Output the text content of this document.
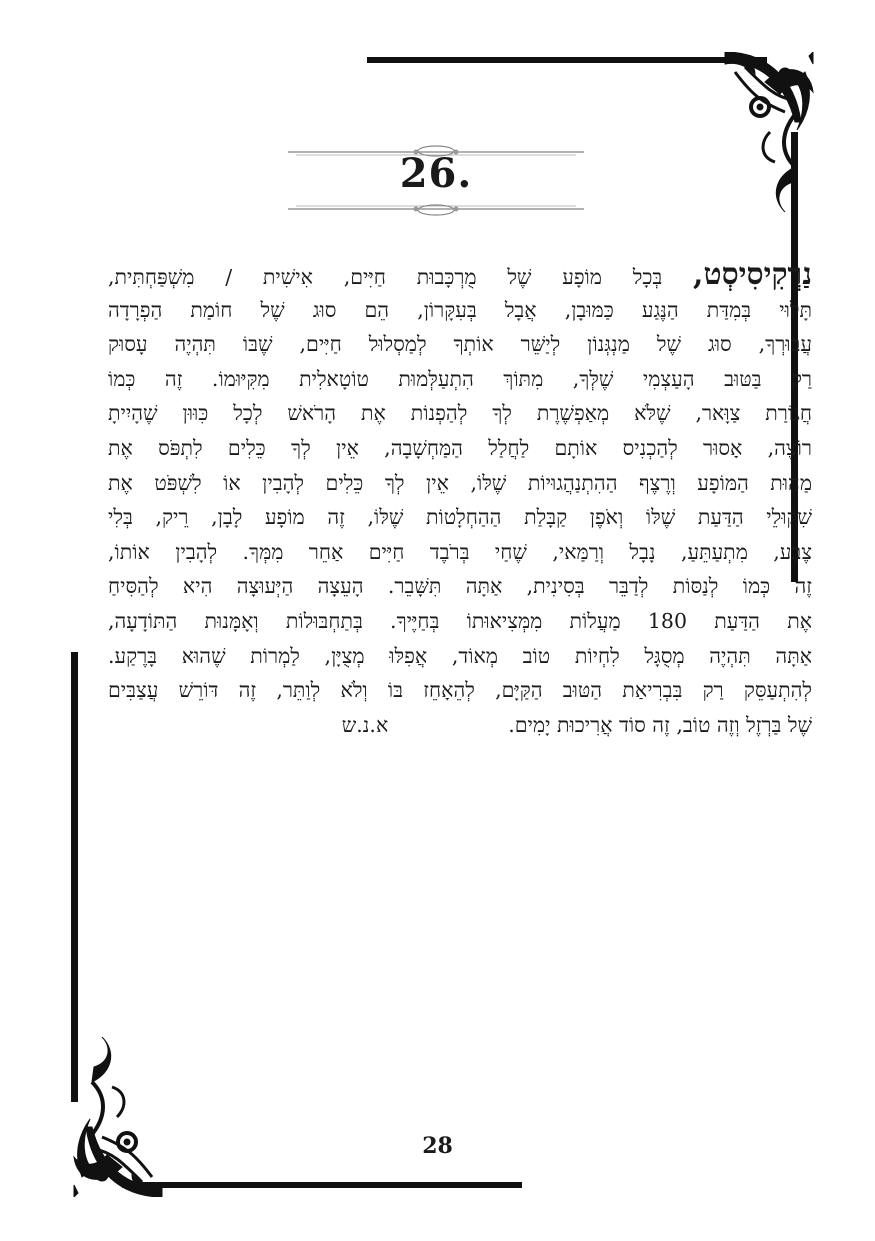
26.
נַרְקִיסִיסְט, בְּכָל מוֹפָע שֶׁל מֻרְכָּבוּת חַיִּים, אִישִׁית / מִשְׁפַּחְתִּית,
תָּלוּי בְּמִדַּת הַנֶּגַע כַּמּוּבָן, אֲבָל בְּעִקָּרוֹן, הֵם סוּג שֶׁל חוֹמַת הַפְרָדָה
עֲבוּרְךָ, סוּג שֶׁל מַנְגְּנוֹן לְיַשֵּׁר אוֹתְךָ לְמַסְלוּל חַיִּים, שֶׁבּוֹ תִּהְיֶה עָסוּק
רַק בַּטּוּב הָעַצְמִי שֶׁלְּךָ, מִתּוֹךְ הִתְעַלְּמוּת טוֹטָאלִית מִקִּיּוּמוֹ. זֶה כְּמוֹ
חֲגוֹרַת צַוָּאר, שֶׁלֹּא מְאַפְשֶׁרֶת לְךָ לְהַפְנוֹת אֶת הָרֹאשׁ לְכָל כִּוּוּן שֶׁהָיִיתָ
רוֹצֶה, אָסוּר לְהַכְנִיס אוֹתָם לַחֲלַל הַמַּחְשָׁבָה, אֵין לְךָ כֵּלִים לִתְפֹּס אֶת
מַהוּת הַמּוֹפָע וְרֶצֶף הַהִתְנַהֲגוּיוֹת שֶׁלּוֹ, אֵין לְךָ כֵּלִים לְהָבִין אוֹ לִשְׁפֹּט אֶת
שִׁקּוּלֵי הַדַּעַת שֶׁלּוֹ וְאֹפֶן קַבָּלַת הַהַחְלָטוֹת שֶׁלּוֹ, זֶה מוֹפָע לָבָן, רֵיק, בְּלִי
צֶבַע, מִתְעַתֵּעַ, נָבָל וְרַמַּאי, שֶׁחַי בְּרֹבֶד חַיִּים אַחֵר מִמְּךָ. לְהָבִין אוֹתוֹ,
זֶה כְּמוֹ לְנַסּוֹת לְדַבֵּר בְּסִינִית, אַתָּה תִּשָּׁבֵר. הָעֵצָה הַיְּעוּצָה הִיא לְהַסִּיחַ
אֶת הַדַּעַת 180 מַעֲלוֹת מִמְּצִיאוּתוֹ בְּחַיֶּיךָ. בְּתַחְבּוּלוֹת וְאָמָּנוּת הַתּוֹדָעָה,
אַתָּה תִּהְיֶה מְסֻגָּל לִחְיוֹת טוֹב מְאוֹד, אֲפִלּוּ מְצֻיָּן, לַמְרוֹת שֶׁהוּא בָּרֶקַע.
לְהִתְעַסֵּק רַק בִּבְרִיאַת הַטּוּב הַקַּיָּם, לְהֵאָחֵז בּוֹ וְלֹא לְוַתֵּר, זֶה דּוֹרֵשׁ עֲצַבִּים
שֶׁל בַּרְזֶל וְזֶה טוֹב, זֶה סוֹד אֲרִיכוּת יָמִים.א.נ.ש
28
